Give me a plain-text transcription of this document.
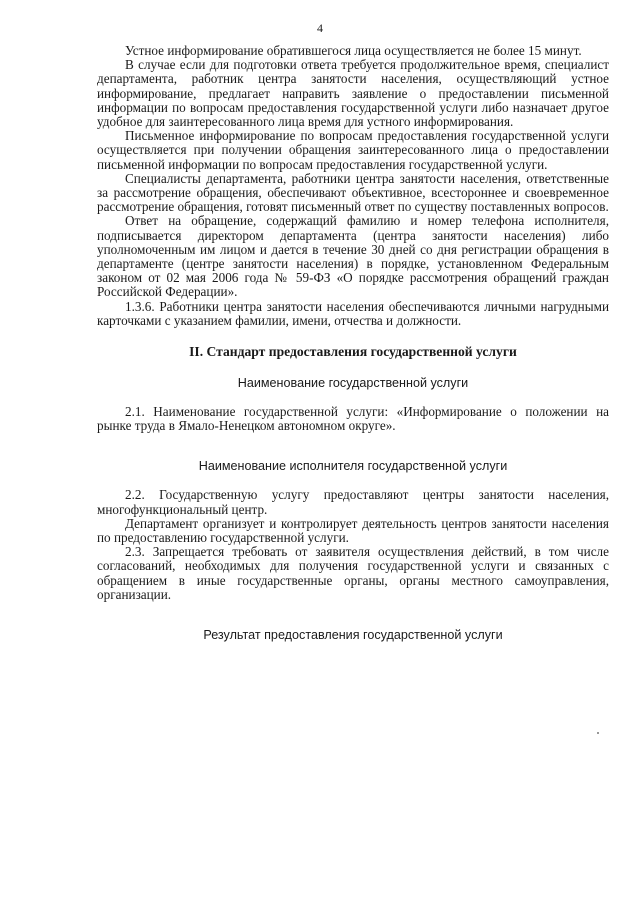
4

Устное информирование обратившегося лица осуществляется не более 15 минут.

В случае если для подготовки ответа требуется продолжительное время, специалист департамента, работник центра занятости населения, осуществляющий устное информирование, предлагает направить заявление о предоставлении письменной информации по вопросам предоставления государственной услуги либо назначает другое удобное для заинтересованного лица время для устного информирования.

Письменное информирование по вопросам предоставления государственной услуги осуществляется при получении обращения заинтересованного лица о предоставлении письменной информации по вопросам предоставления государственной услуги.

Специалисты департамента, работники центра занятости населения, ответственные за рассмотрение обращения, обеспечивают объективное, всестороннее и своевременное рассмотрение обращения, готовят письменный ответ по существу поставленных вопросов.

Ответ на обращение, содержащий фамилию и номер телефона исполнителя, подписывается директором департамента (центра занятости населения) либо уполномоченным им лицом и дается в течение 30 дней со дня регистрации обращения в департаменте (центре занятости населения) в порядке, установленном Федеральным законом от 02 мая 2006 года № 59-ФЗ «О порядке рассмотрения обращений граждан Российской Федерации».

1.3.6. Работники центра занятости населения обеспечиваются личными нагрудными карточками с указанием фамилии, имени, отчества и должности.

II. Стандарт предоставления государственной услуги
Наименование государственной услуги

2.1. Наименование государственной услуги: «Информирование о положении на рынке труда в Ямало-Ненецком автономном округе».

Наименование исполнителя государственной услуги

2.2. Государственную услугу предоставляют центры занятости населения, многофункциональный центр.

Департамент организует и контролирует деятельность центров занятости населения по предоставлению государственной услуги.

2.3. Запрещается требовать от заявителя осуществления действий, в том числе согласований, необходимых для получения государственной услуги и связанных с обращением в иные государственные органы, органы местного самоуправления, организации.

Результат предоставления государственной услуги
